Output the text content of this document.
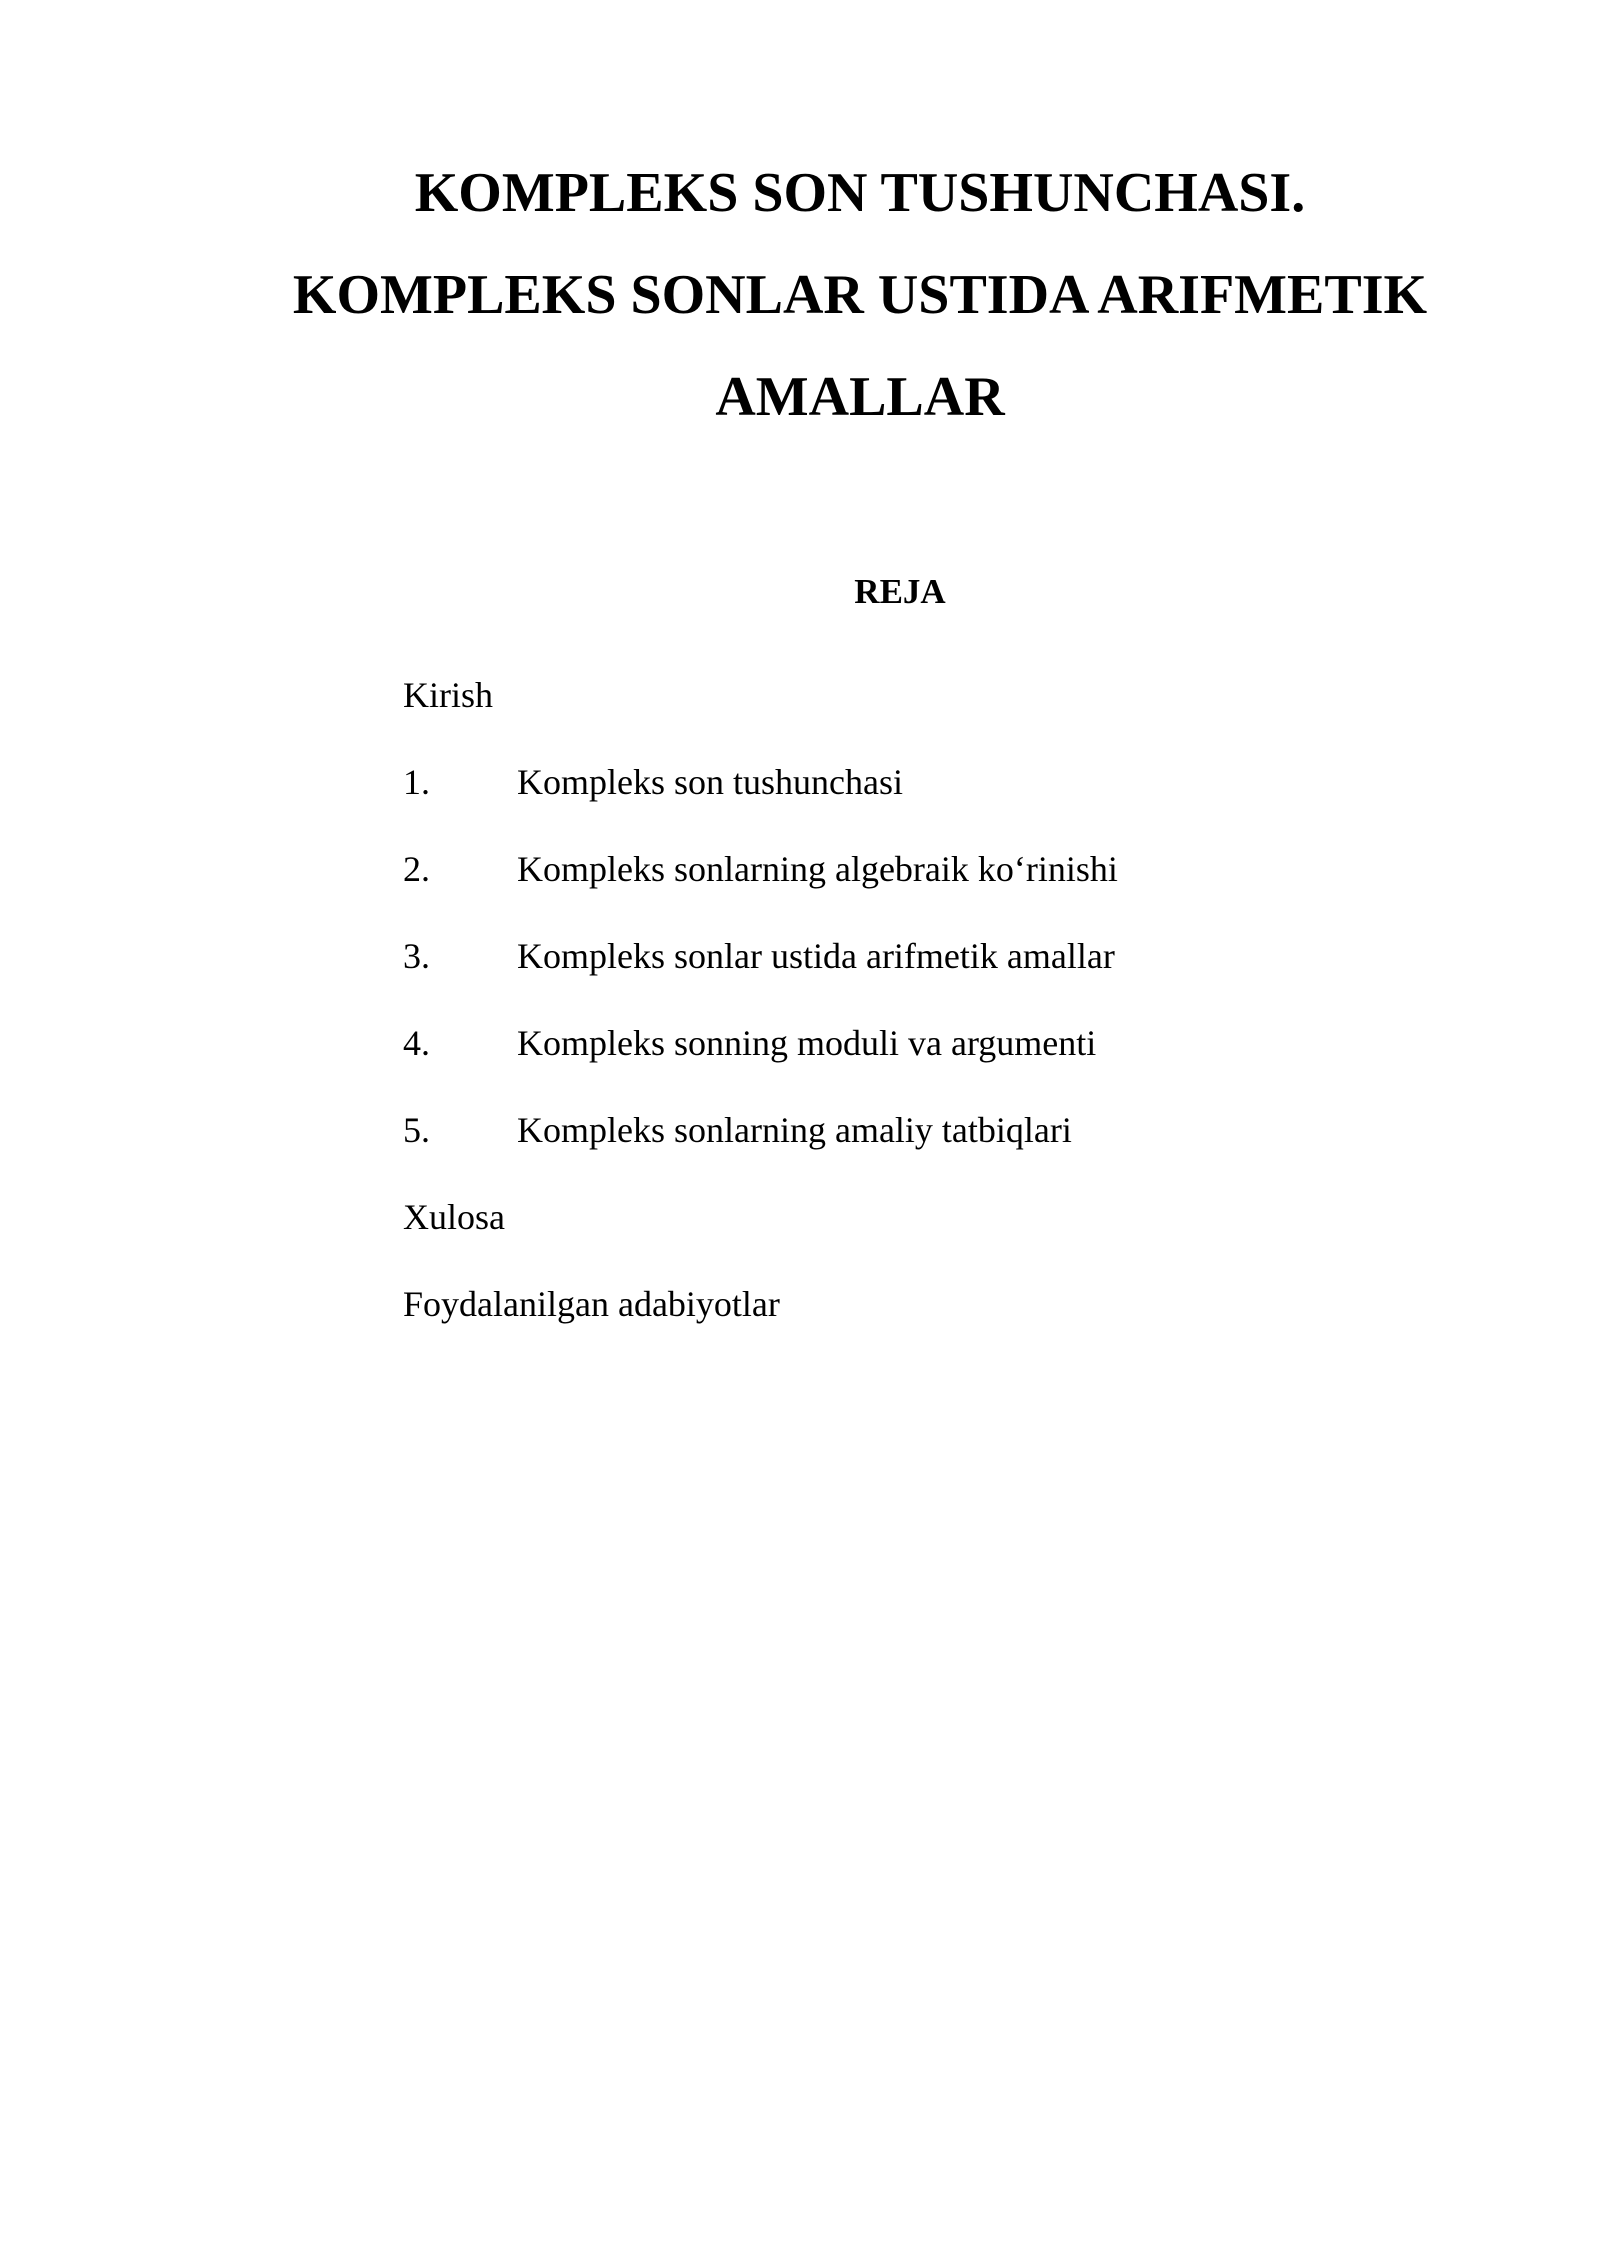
KOMPLEKS SON TUSHUNCHASI.

KOMPLEKS SONLAR USTIDA ARIFMETIK

AMALLAR

REJA

Kirish
1.	Kompleks son tushunchasi
2.	Kompleks sonlarning algebraik ko‘rinishi
3.	Kompleks sonlar ustida arifmetik amallar
4.	Kompleks sonning moduli va argumenti
5.	Kompleks sonlarning amaliy tatbiqlari
Xulosa
Foydalanilgan adabiyotlar
